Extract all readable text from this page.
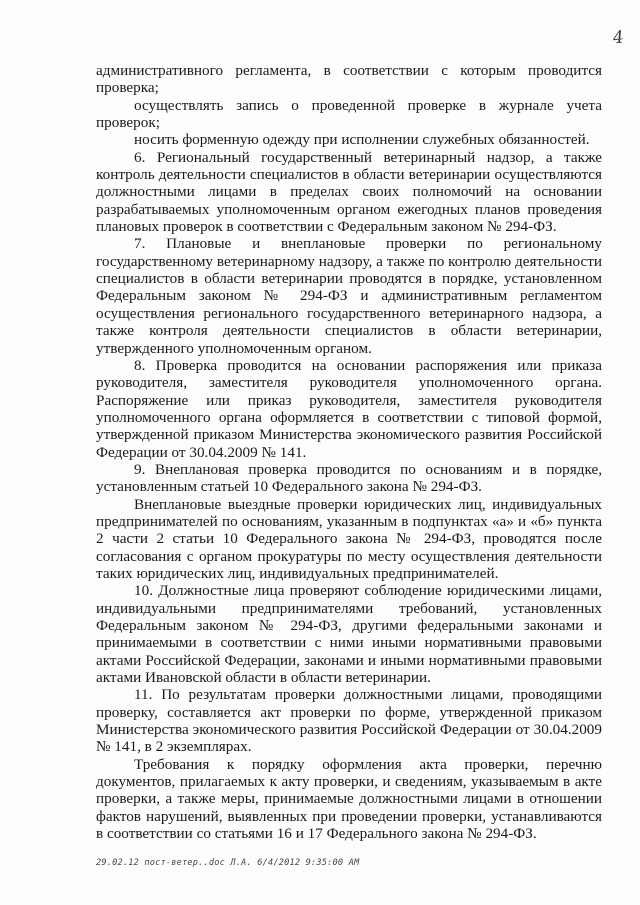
4

административного регламента, в соответствии с которым проводится проверка;

осуществлять запись о проведенной проверке в журнале учета проверок;

носить форменную одежду при исполнении служебных обязанностей.

6. Региональный государственный ветеринарный надзор, а также контроль деятельности специалистов в области ветеринарии осуществляются должностными лицами в пределах своих полномочий на основании разрабатываемых уполномоченным органом ежегодных планов проведения плановых проверок в соответствии с Федеральным законом № 294-ФЗ.

7. Плановые и внеплановые проверки по региональному государственному ветеринарному надзору, а также по контролю деятельности специалистов в области ветеринарии проводятся в порядке, установленном Федеральным законом № 294-ФЗ и административным регламентом осуществления регионального государственного ветеринарного надзора, а также контроля деятельности специалистов в области ветеринарии, утвержденного уполномоченным органом.

8. Проверка проводится на основании распоряжения или приказа руководителя, заместителя руководителя уполномоченного органа. Распоряжение или приказ руководителя, заместителя руководителя уполномоченного органа оформляется в соответствии с типовой формой, утвержденной приказом Министерства экономического развития Российской Федерации от 30.04.2009 № 141.

9. Внеплановая проверка проводится по основаниям и в порядке, установленным статьей 10 Федерального закона № 294-ФЗ.

Внеплановые выездные проверки юридических лиц, индивидуальных предпринимателей по основаниям, указанным в подпунктах «а» и «б» пункта 2 части 2 статьи 10 Федерального закона № 294-ФЗ, проводятся после согласования с органом прокуратуры по месту осуществления деятельности таких юридических лиц, индивидуальных предпринимателей.

10. Должностные лица проверяют соблюдение юридическими лицами, индивидуальными предпринимателями требований, установленных Федеральным законом № 294-ФЗ, другими федеральными законами и принимаемыми в соответствии с ними иными нормативными правовыми актами Российской Федерации, законами и иными нормативными правовыми актами Ивановской области в области ветеринарии.

11. По результатам проверки должностными лицами, проводящими проверку, составляется акт проверки по форме, утвержденной приказом Министерства экономического развития Российской Федерации от 30.04.2009 № 141, в 2 экземплярах.

Требования к порядку оформления акта проверки, перечню документов, прилагаемых к акту проверки, и сведениям, указываемым в акте проверки, а также меры, принимаемые должностными лицами в отношении фактов нарушений, выявленных при проведении проверки, устанавливаются в соответствии со статьями 16 и 17 Федерального закона № 294-ФЗ.

29.02.12 пост-ветер..doc Л.А. 6/4/2012 9:35:00 AM
